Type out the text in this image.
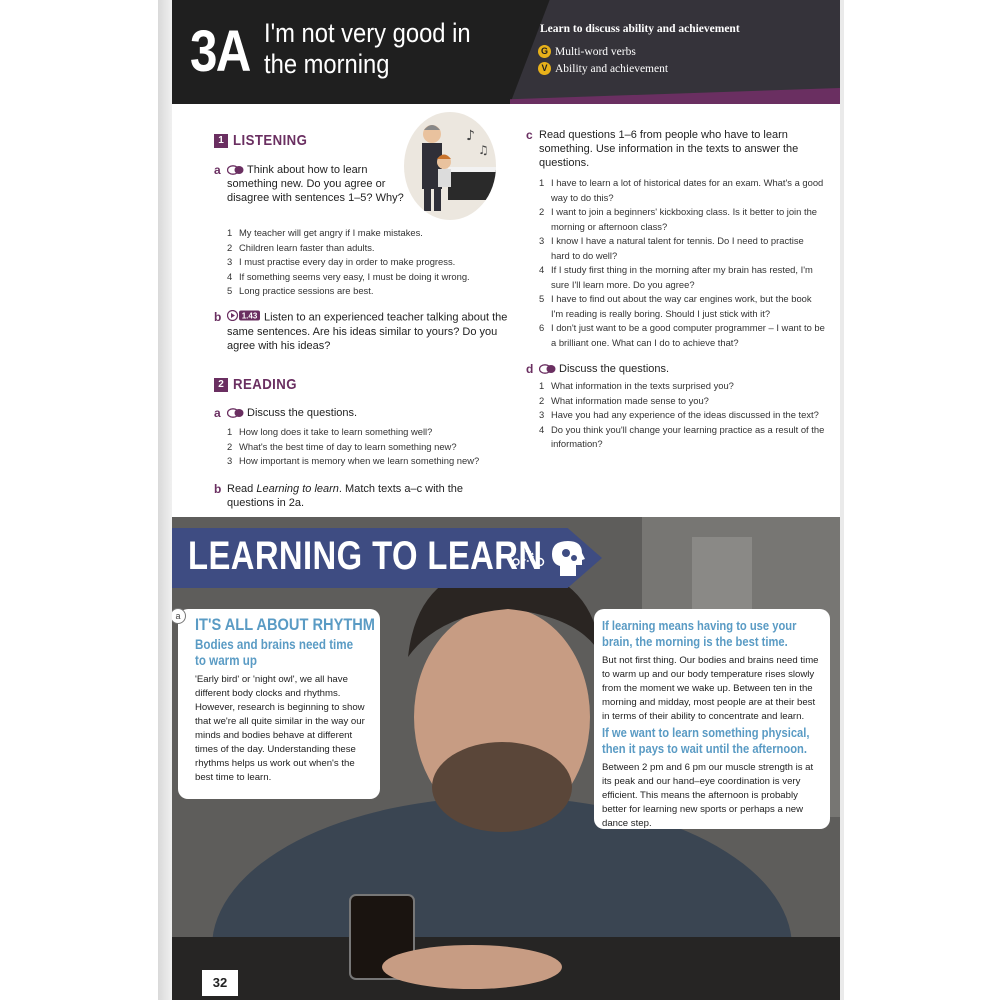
3A I'm not very good in the morning
Learn to discuss ability and achievement
G Multi-word verbs
V Ability and achievement
1 LISTENING	♪
♫
a	Think about how to learn something new. Do you agree or disagree with sentences 1–5? Why?
1 My teacher will get angry if I make mistakes.
2 Children learn faster than adults.
3 I must practise every day in order to make progress.
4 If something seems very easy, I must be doing it wrong.
5 Long practice sessions are best.
b	1.43 Listen to an experienced teacher talking about the same sentences. Are his ideas similar to yours? Do you agree with his ideas?
2 READING
a	Discuss the questions.
1 How long does it take to learn something well?
2 What's the best time of day to learn something new?
3 How important is memory when we learn something new?
b Read Learning to learn. Match texts a–c with the questions in 2a.
c Read questions 1–6 from people who have to learn something. Use information in the texts to answer the questions.
1 I have to learn a lot of historical dates for an exam. What's a good way to do this?
2 I want to join a beginners' kickboxing class. Is it better to join the morning or afternoon class?
3 I know I have a natural talent for tennis. Do I need to practise hard to do well?
4 If I study first thing in the morning after my brain has rested, I'm sure I'll learn more. Do you agree?
5 I have to find out about the way car engines work, but the book I'm reading is really boring. Should I just stick with it?
6 I don't just want to be a good computer programmer – I want to be a brilliant one. What can I do to achieve that?
d	Discuss the questions.
1 What information in the texts surprised you?
2 What information made sense to you?
3 Have you had any experience of the ideas discussed in the text?
4 Do you think you'll change your learning practice as a result of the information?
LEARNING TO LEARN
a IT'S ALL ABOUT RHYTHM
Bodies and brains need time to warm up
'Early bird' or 'night owl', we all have different body clocks and rhythms. However, research is beginning to show that we're all quite similar in the way our minds and bodies behave at different times of the day. Understanding these rhythms helps us work out when's the best time to learn.
If learning means having to use your brain, the morning is the best time.
But not first thing. Our bodies and brains need time to warm up and our body temperature rises slowly from the moment we wake up. Between ten in the morning and midday, most people are at their best in terms of their ability to concentrate and learn.
If we want to learn something physical, then it pays to wait until the afternoon.
Between 2 pm and 6 pm our muscle strength is at its peak and our hand–eye coordination is very efficient. This means the afternoon is probably better for learning new sports or perhaps a new dance step.
32
